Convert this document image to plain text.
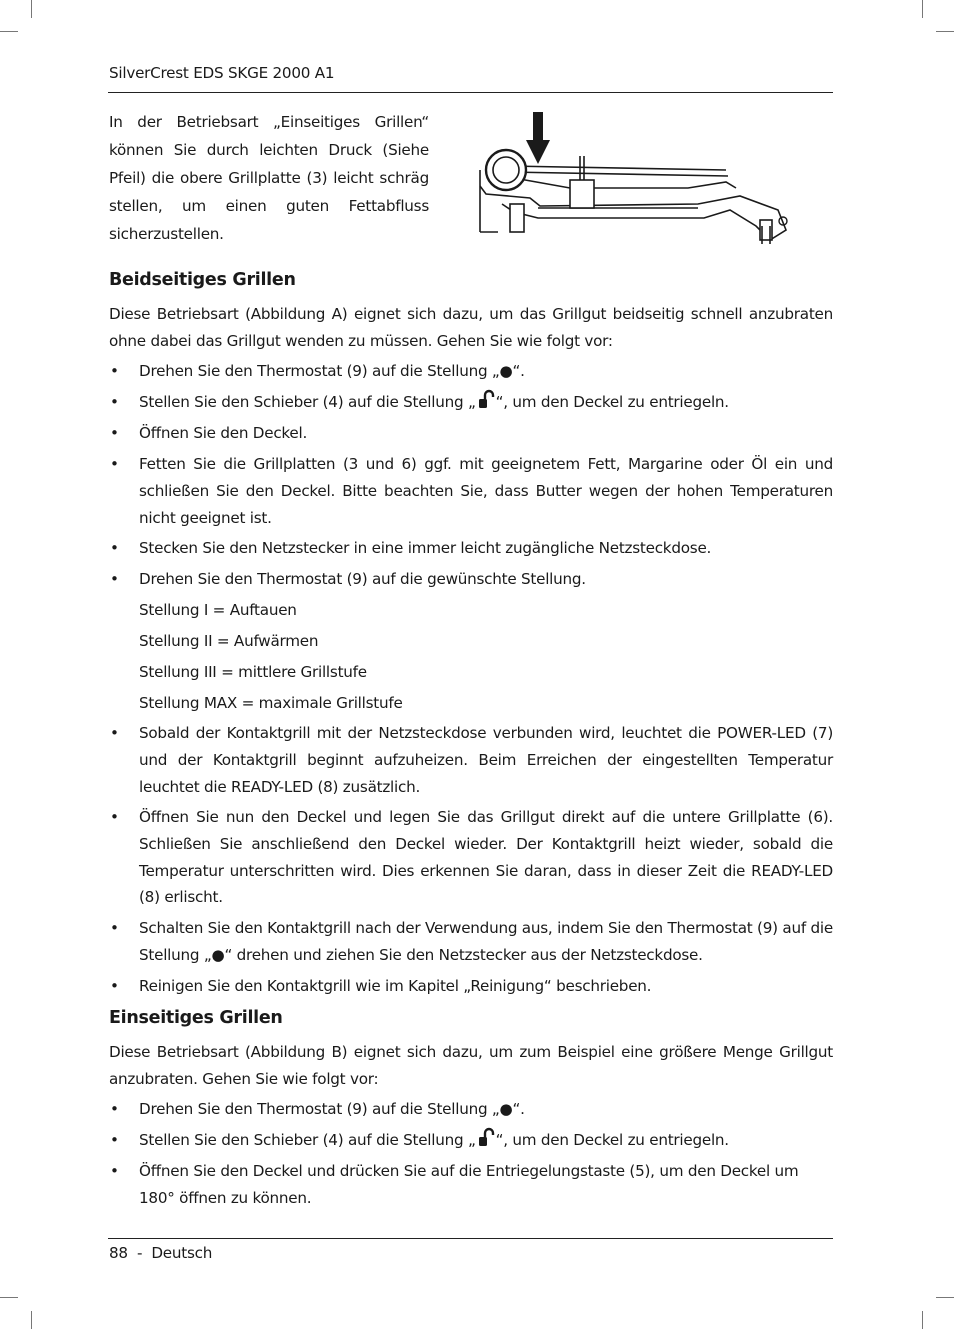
SilverCrest EDS SKGE 2000 A1
In der Betriebsart „Einseitiges Grillen“ können Sie durch leichten Druck (Siehe Pfeil) die obere Grillplatte (3) leicht schräg stellen, um einen guten Fettabfluss sicherzustellen.
Beidseitiges Grillen
Diese Betriebsart (Abbildung A) eignet sich dazu, um das Grillgut beidseitig schnell anzubraten ohne dabei das Grillgut wenden zu müssen. Gehen Sie wie folgt vor:
• Drehen Sie den Thermostat (9) auf die Stellung „●“.
• Stellen Sie den Schieber (4) auf die Stellung „ “, um den Deckel zu entriegeln.
• Öffnen Sie den Deckel.
• Fetten Sie die Grillplatten (3 und 6) ggf. mit geeignetem Fett, Margarine oder Öl ein und schließen Sie den Deckel. Bitte beachten Sie, dass Butter wegen der hohen Temperaturen nicht geeignet ist.
• Stecken Sie den Netzstecker in eine immer leicht zugängliche Netzsteckdose.
• Drehen Sie den Thermostat (9) auf die gewünschte Stellung.
Stellung I = Auftauen
Stellung II = Aufwärmen
Stellung III = mittlere Grillstufe
Stellung MAX = maximale Grillstufe
• Sobald der Kontaktgrill mit der Netzsteckdose verbunden wird, leuchtet die POWER-LED (7) und der Kontaktgrill beginnt aufzuheizen. Beim Erreichen der eingestellten Temperatur leuchtet die READY-LED (8) zusätzlich.
• Öffnen Sie nun den Deckel und legen Sie das Grillgut direkt auf die untere Grillplatte (6). Schließen Sie anschließend den Deckel wieder. Der Kontaktgrill heizt wieder, sobald die Temperatur unterschritten wird. Dies erkennen Sie daran, dass in dieser Zeit die READY-LED (8) erlischt.
• Schalten Sie den Kontaktgrill nach der Verwendung aus, indem Sie den Thermostat (9) auf die Stellung „●“ drehen und ziehen Sie den Netzstecker aus der Netzsteckdose.
• Reinigen Sie den Kontaktgrill wie im Kapitel „Reinigung“ beschrieben.
Einseitiges Grillen
Diese Betriebsart (Abbildung B) eignet sich dazu, um zum Beispiel eine größere Menge Grillgut anzubraten. Gehen Sie wie folgt vor:
• Drehen Sie den Thermostat (9) auf die Stellung „●“.
• Stellen Sie den Schieber (4) auf die Stellung „ “, um den Deckel zu entriegeln.
• Öffnen Sie den Deckel und drücken Sie auf die Entriegelungstaste (5), um den Deckel um 180° öffnen zu können.
88  -  Deutsch
